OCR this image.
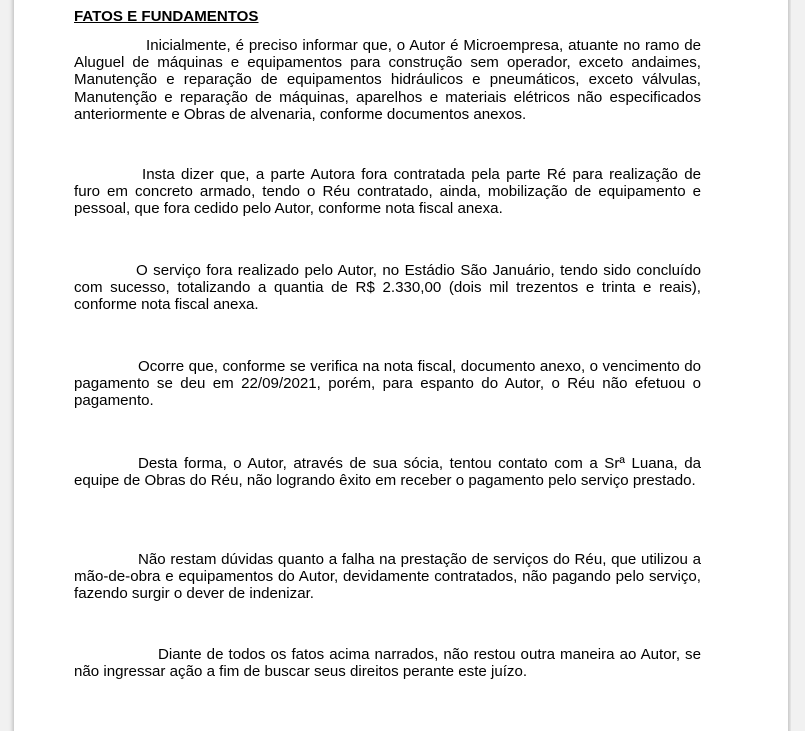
FATOS E FUNDAMENTOS

Inicialmente, é preciso informar que, o Autor é Microempresa, atuante no ramo de Aluguel de máquinas e equipamentos para construção sem operador, exceto andaimes, Manutenção e reparação de equipamentos hidráulicos e pneumáticos, exceto válvulas, Manutenção e reparação de máquinas, aparelhos e materiais elétricos não especificados anteriormente e Obras de alvenaria, conforme documentos anexos.

Insta dizer que, a parte Autora fora contratada pela parte Ré para realização de furo em concreto armado, tendo o Réu contratado, ainda, mobilização de equipamento e pessoal, que fora cedido pelo Autor, conforme nota fiscal anexa.

O serviço fora realizado pelo Autor, no Estádio São Januário, tendo sido concluído com sucesso, totalizando a quantia de R$ 2.330,00 (dois mil trezentos e trinta e reais), conforme nota fiscal anexa.

Ocorre que, conforme se verifica na nota fiscal, documento anexo, o vencimento do pagamento se deu em 22/09/2021, porém, para espanto do Autor, o Réu não efetuou o pagamento.

Desta forma, o Autor, através de sua sócia, tentou contato com a Srª Luana, da equipe de Obras do Réu, não logrando êxito em receber o pagamento pelo serviço prestado.

Não restam dúvidas quanto a falha na prestação de serviços do Réu, que utilizou a mão-de-obra e equipamentos do Autor, devidamente contratados, não pagando pelo serviço, fazendo surgir o dever de indenizar.

Diante de todos os fatos acima narrados, não restou outra maneira ao Autor, se não ingressar ação a fim de buscar seus direitos perante este juízo.
